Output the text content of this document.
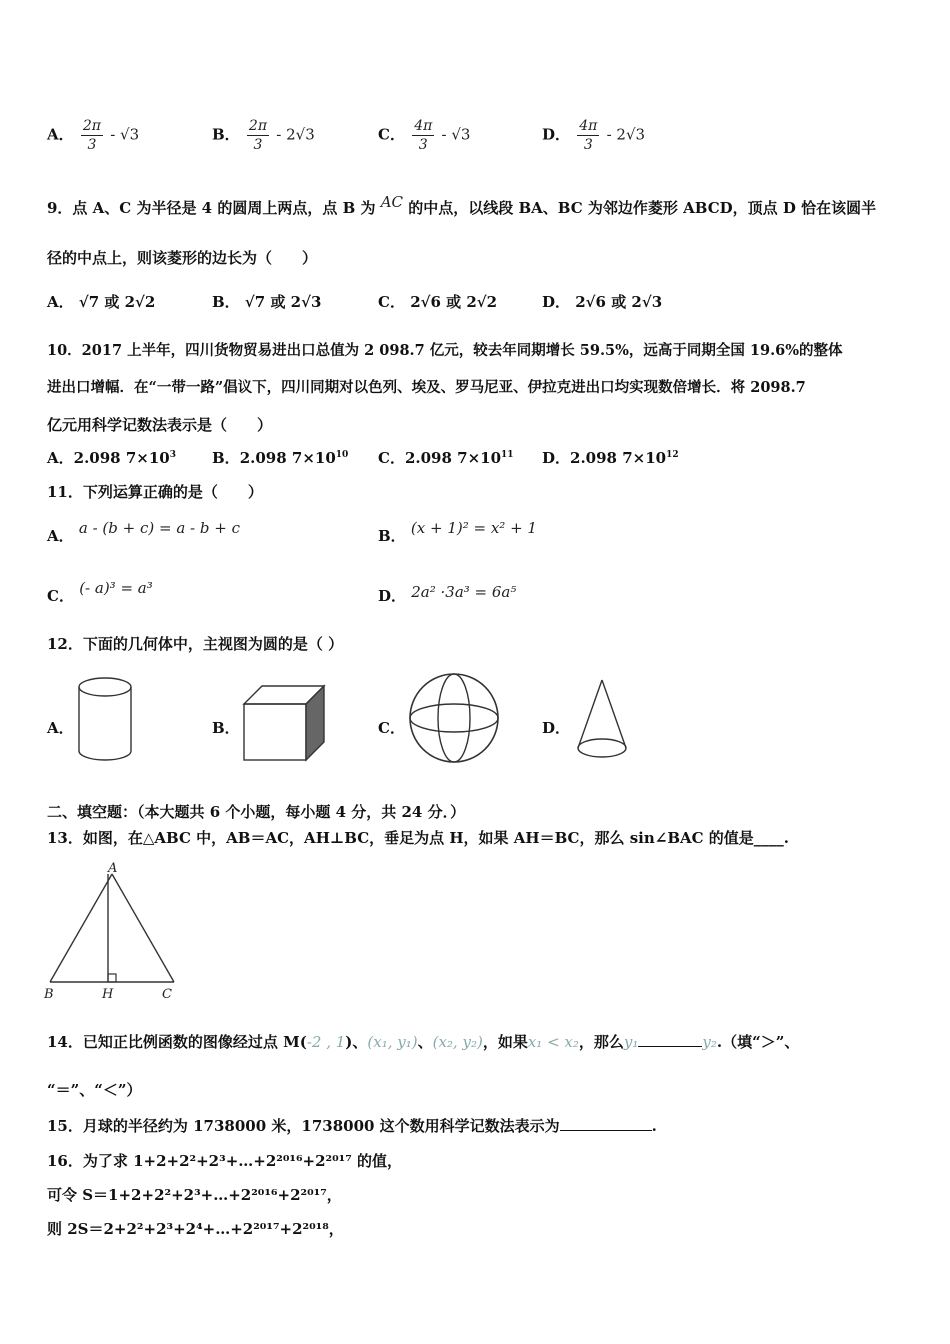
A． $\frac{2\pi}{3} - √3$	B． $\frac{2\pi}{3} - 2√3$	C． $\frac{4\pi}{3} - √3$	D． $\frac{4\pi}{3} - 2√3$
9．点 A、C 为半径是 4 的圆周上两点，点 B 为 AC 的中点，以线段 BA、BC 为邻边作菱形 ABCD，顶点 D 恰在该圆半
径的中点上，则该菱形的边长为（　　）
A． √7 或 2√2	B． √7 或 2√3	C． 2√6 或 2√2	D． 2√6 或 2√3
10．2017 上半年，四川货物贸易进出口总值为 2 098.7 亿元，较去年同期增长 59.5%，远高于同期全国 19.6%的整体
进出口增幅．在“一带一路”倡议下，四川同期对以色列、埃及、罗马尼亚、伊拉克进出口均实现数倍增长．将 2098.7
亿元用科学记数法表示是（　　）
A．2.098 $7\times 10^3$ B．2.098 $7\times 10^{10}$ C．2.098 $7\times 10^{11}$ D．2.098 $7\times 10^{12}$
11．下列运算正确的是（　　）
A． a - (b + c) = a - b + c	B． (x + 1)² = x² + 1
C． (- a)³ = a³	D． 2a² ·3a³ = 6a⁵
12．下面的几何体中，主视图为圆的是（ ）
A．	B．	C．	D．
二、填空题：（本大题共 6 个小题，每小题 4 分，共 24 分．）
13．如图，在△ABC 中，AB＝AC，AH⊥BC，垂足为点 H，如果 AH＝BC，那么 sin∠BAC 的值是____.
A
B	H	C
14．已知正比例函数的图像经过点 M(-2 , 1)、(x₁, y₁)、(x₂, y₂)，如果x₁ < x₂，那么y₁	y₂.（填“＞”、
“＝”、“＜”）
15．月球的半径约为 1738000 米，1738000 这个数用科学记数法表示为	.
16．为了求 1+2+2²+2³+…+2²⁰¹⁶+2²⁰¹⁷ 的值，
可令 S＝1+2+2²+2³+…+2²⁰¹⁶+2²⁰¹⁷，
则 2S＝2+2²+2³+2⁴+…+2²⁰¹⁷+2²⁰¹⁸，
